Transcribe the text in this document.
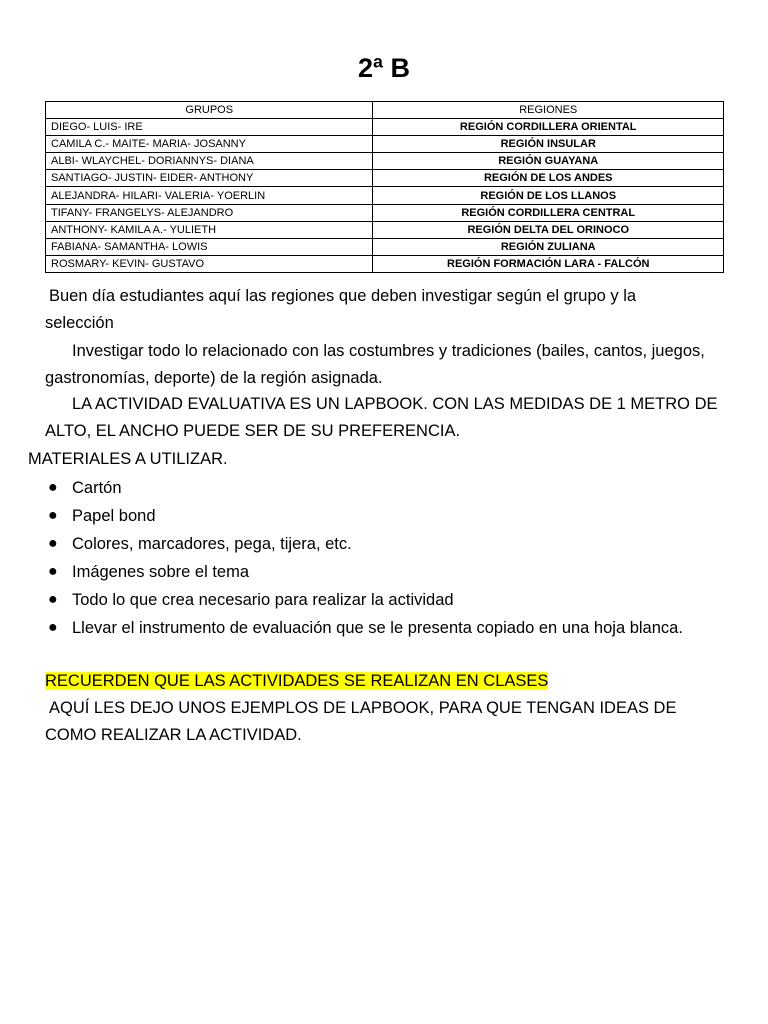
2ª B
GRUPOS	REGIONES
DIEGO- LUIS- IRE	REGIÓN CORDILLERA ORIENTAL
CAMILA C.- MAITE- MARIA- JOSANNY	REGIÓN INSULAR
ALBI- WLAYCHEL- DORIANNYS- DIANA	REGIÓN GUAYANA
SANTIAGO- JUSTIN- EIDER- ANTHONY	REGIÓN DE LOS ANDES
ALEJANDRA- HILARI- VALERIA- YOERLIN	REGIÓN DE LOS LLANOS
TIFANY- FRANGELYS- ALEJANDRO	REGIÓN CORDILLERA CENTRAL
ANTHONY- KAMILA A.- YULIETH	REGIÓN DELTA DEL ORINOCO
FABIANA- SAMANTHA- LOWIS	REGIÓN ZULIANA
ROSMARY- KEVIN- GUSTAVO	REGIÓN FORMACIÓN LARA - FALCÓN

Buen día estudiantes aquí las regiones que deben investigar según el grupo y la selección

Investigar todo lo relacionado con las costumbres y tradiciones (bailes, cantos, juegos, gastronomías, deporte) de la región asignada.

LA ACTIVIDAD EVALUATIVA ES UN LAPBOOK. CON LAS MEDIDAS DE 1 METRO DE ALTO, EL ANCHO PUEDE SER DE SU PREFERENCIA.

MATERIALES A UTILIZAR.

● Cartón
● Papel bond
● Colores, marcadores, pega, tijera, etc.
● Imágenes sobre el tema
● Todo lo que crea necesario para realizar la actividad
● Llevar el instrumento de evaluación que se le presenta copiado en una hoja blanca.

RECUERDEN QUE LAS ACTIVIDADES SE REALIZAN EN CLASES

AQUÍ LES DEJO UNOS EJEMPLOS DE LAPBOOK, PARA QUE TENGAN IDEAS DE COMO REALIZAR LA ACTIVIDAD.
